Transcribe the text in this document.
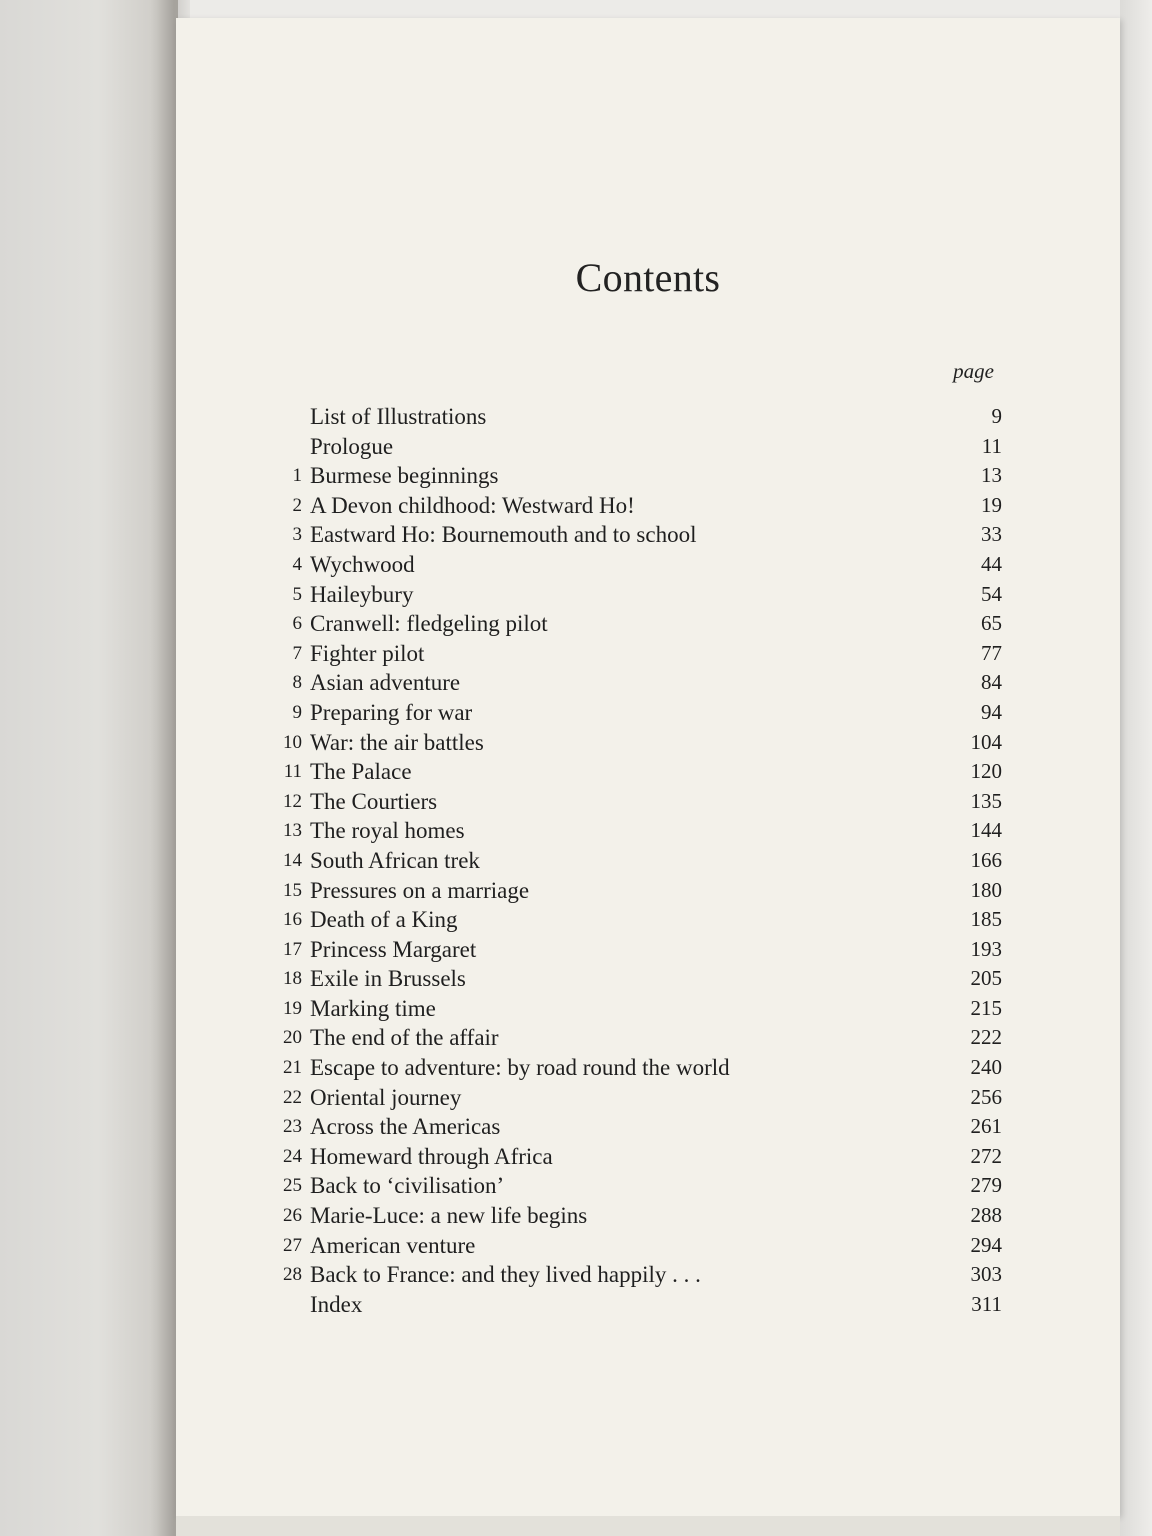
Contents
page
List of Illustrations	9
Prologue	11
1 Burmese beginnings	13
2 A Devon childhood: Westward Ho!	19
3 Eastward Ho: Bournemouth and to school	33
4 Wychwood	44
5 Haileybury	54
6 Cranwell: fledgeling pilot	65
7 Fighter pilot	77
8 Asian adventure	84
9 Preparing for war	94
10 War: the air battles	104
11 The Palace	120
12 The Courtiers	135
13 The royal homes	144
14 South African trek	166
15 Pressures on a marriage	180
16 Death of a King	185
17 Princess Margaret	193
18 Exile in Brussels	205
19 Marking time	215
20 The end of the affair	222
21 Escape to adventure: by road round the world	240
22 Oriental journey	256
23 Across the Americas	261
24 Homeward through Africa	272
25 Back to ‘civilisation’	279
26 Marie-Luce: a new life begins	288
27 American venture	294
28 Back to France: and they lived happily . . .	303
Index	311
